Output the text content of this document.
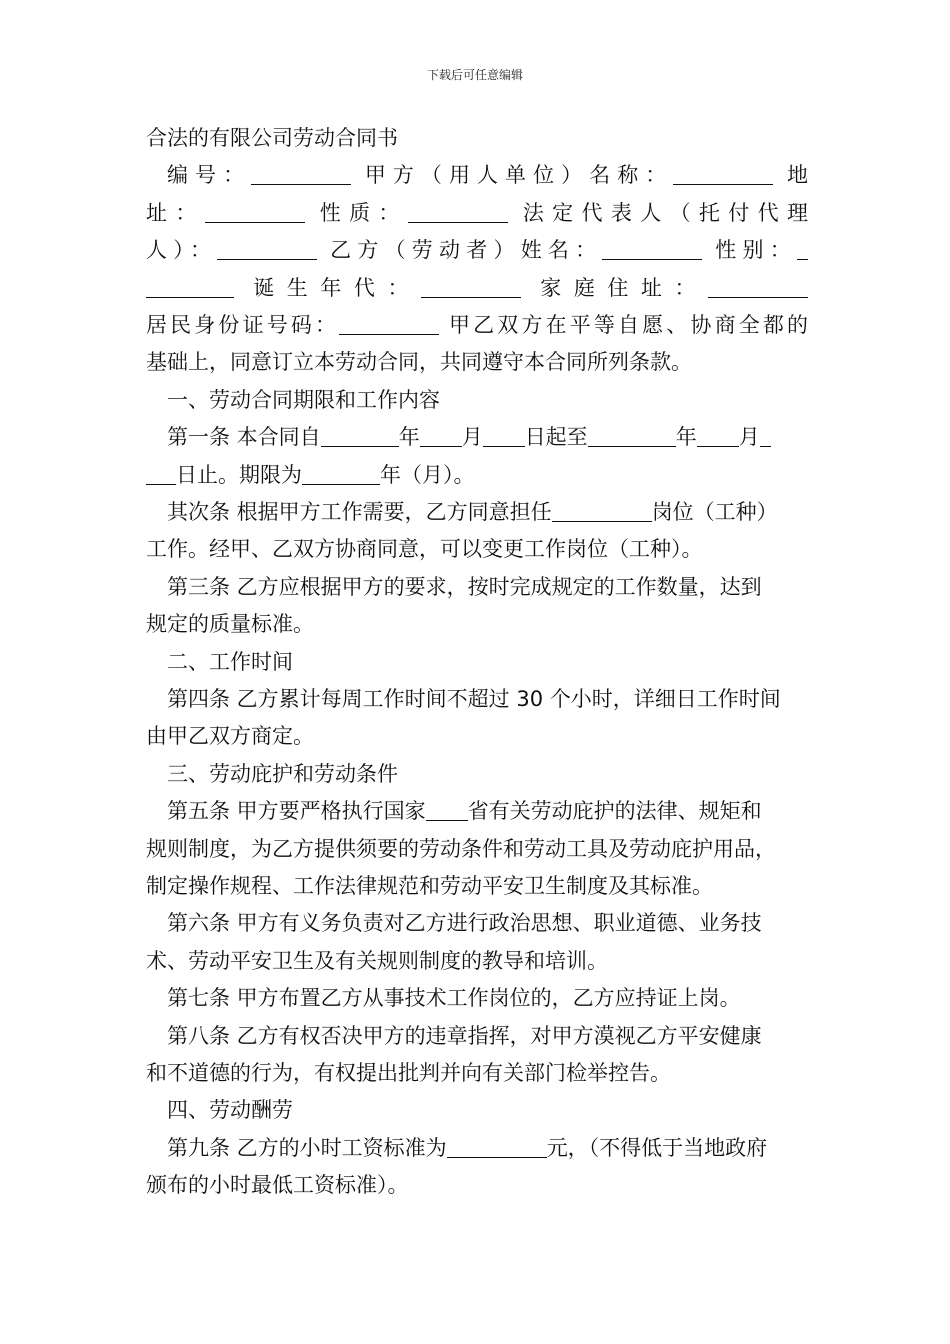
下载后可任意编辑
合法的有限公司劳动合同书
编号：	甲方（用人单位）名称：	地
址：	性质：	法定代表人（托付代理
人）：	乙方（劳动者）姓名：	性别：
诞生年代：	家庭住址：
居民身份证号码：	甲乙双方在平等自愿、协商全都的
基础上，同意订立本劳动合同，共同遵守本合同所列条款。
一、劳动合同期限和工作内容
第一条 本合同自	年 月 日起至	年 月
日止。期限为	年（月）。
其次条 根据甲方工作需要，乙方同意担任	岗位（工种）
工作。经甲、乙双方协商同意，可以变更工作岗位（工种）。
第三条 乙方应根据甲方的要求，按时完成规定的工作数量，达到
规定的质量标准。
二、工作时间
第四条 乙方累计每周工作时间不超过 30 个小时，详细日工作时间
由甲乙双方商定。
三、劳动庇护和劳动条件
第五条 甲方要严格执行国家 省有关劳动庇护的法律、规矩和
规则制度，为乙方提供须要的劳动条件和劳动工具及劳动庇护用品，
制定操作规程、工作法律规范和劳动平安卫生制度及其标准。
第六条 甲方有义务负责对乙方进行政治思想、职业道德、业务技
术、劳动平安卫生及有关规则制度的教导和培训。
第七条 甲方布置乙方从事技术工作岗位的，乙方应持证上岗。
第八条 乙方有权否决甲方的违章指挥，对甲方漠视乙方平安健康
和不道德的行为，有权提出批判并向有关部门检举控告。
四、劳动酬劳
第九条 乙方的小时工资标准为	元，（不得低于当地政府
颁布的小时最低工资标准）。
